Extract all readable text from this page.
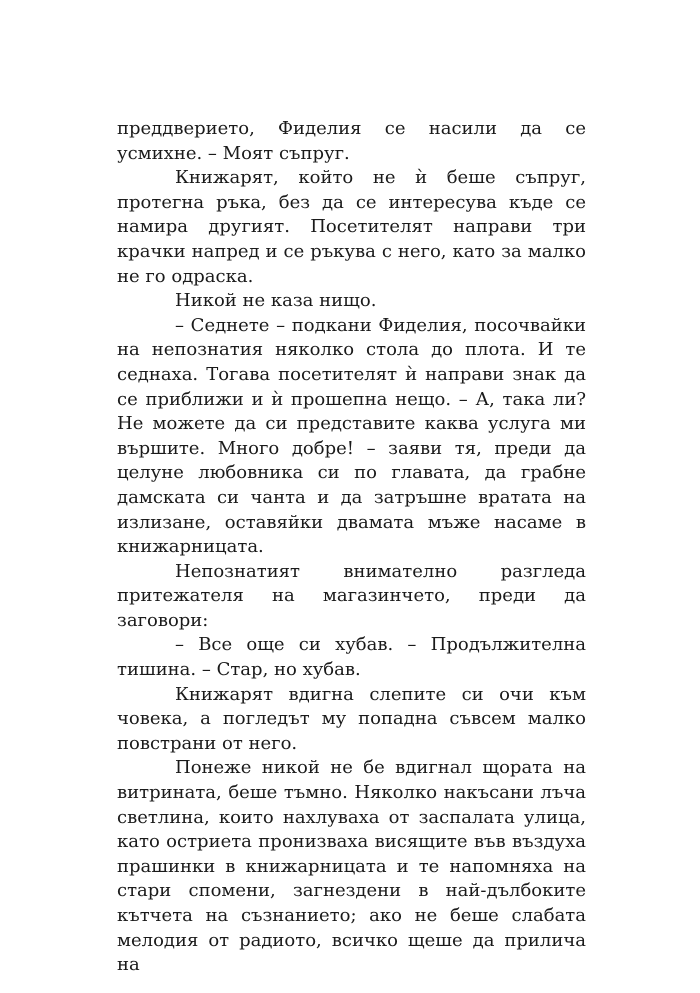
преддверието, Фиделия се насили да се усмихне. – Моят съпруг.

Книжарят, който не ѝ беше съпруг, протегна ръка, без да се интересува къде се намира другият. Посетителят направи три крачки напред и се ръкува с него, като за малко не го одраска.

Никой не каза нищо.

– Седнете – подкани Фиделия, посочвайки на непознатия няколко стола до плота. И те седнаха. Тогава посетителят ѝ направи знак да се приближи и ѝ прошепна нещо. – А, така ли? Не можете да си представите каква услуга ми вършите. Много добре! – заяви тя, преди да целуне любовника си по главата, да грабне дамската си чанта и да затръшне вратата на излизане, оставяйки двамата мъже насаме в книжарницата.

Непознатият внимателно разгледа притежателя на магазинчето, преди да заговори:

– Все още си хубав. – Продължителна тишина. – Стар, но хубав.

Книжарят вдигна слепите си очи към човека, а погледът му попадна съвсем малко повстрани от него.

Понеже никой не бе вдигнал щората на витрината, беше тъмно. Няколко накъсани лъча светлина, които нахлуваха от заспалата улица, като остриета пронизваха висящите във въздуха прашинки в книжарницата и те напомняха на стари спомени, загнездени в най-дълбоките кътчета на съзнанието; ако не беше слабата мелодия от радиото, всичко щеше да прилича на
